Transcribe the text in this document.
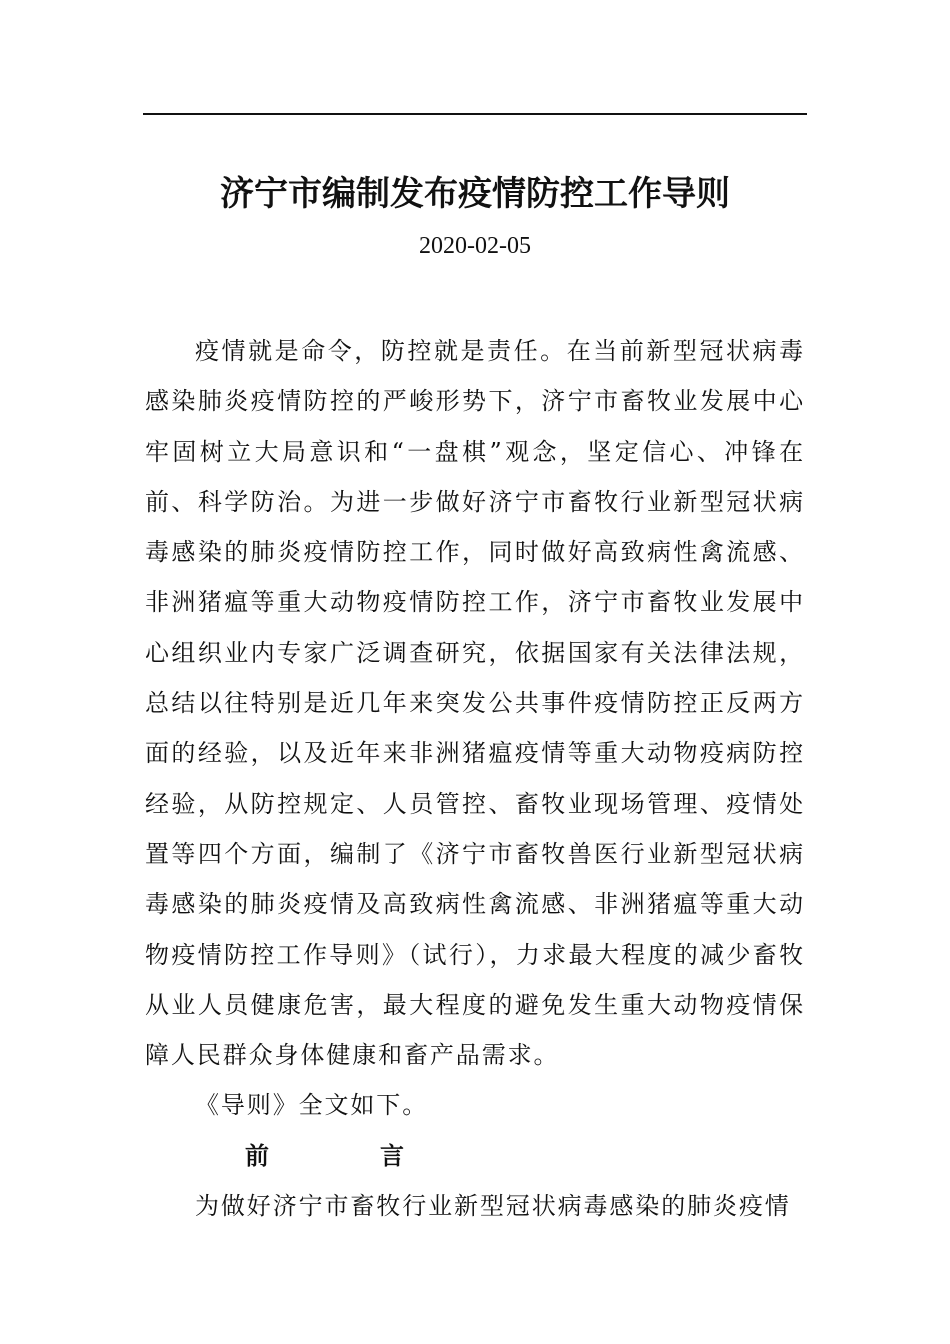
济宁市编制发布疫情防控工作导则
2020-02-05

疫情就是命令，防控就是责任。在当前新型冠状病毒感染肺炎疫情防控的严峻形势下，济宁市畜牧业发展中心牢固树立大局意识和“一盘棋”观念，坚定信心、冲锋在前、科学防治。为进一步做好济宁市畜牧行业新型冠状病毒感染的肺炎疫情防控工作，同时做好高致病性禽流感、非洲猪瘟等重大动物疫情防控工作，济宁市畜牧业发展中心组织业内专家广泛调查研究，依据国家有关法律法规，总结以往特别是近几年来突发公共事件疫情防控正反两方面的经验，以及近年来非洲猪瘟疫情等重大动物疫病防控经验，从防控规定、人员管控、畜牧业现场管理、疫情处置等四个方面，编制了《济宁市畜牧兽医行业新型冠状病毒感染的肺炎疫情及高致病性禽流感、非洲猪瘟等重大动物疫情防控工作导则》（试行），力求最大程度的减少畜牧从业人员健康危害，最大程度的避免发生重大动物疫情保障人民群众身体健康和畜产品需求。

《导则》全文如下。

前	言

为做好济宁市畜牧行业新型冠状病毒感染的肺炎疫情
